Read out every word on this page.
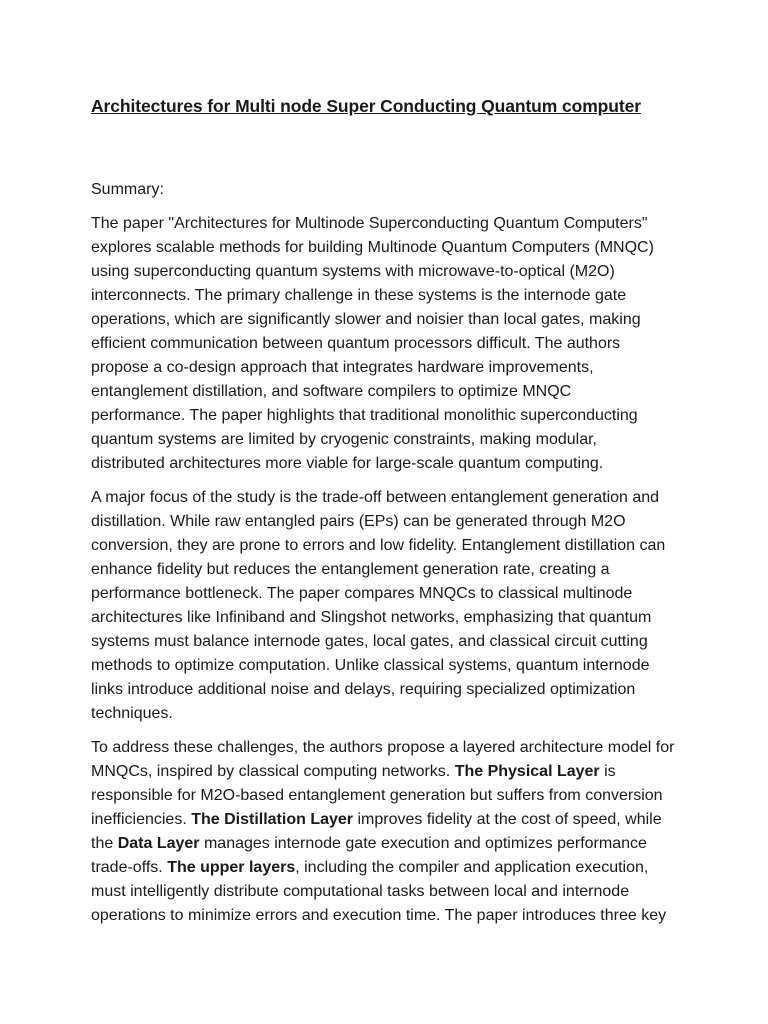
Architectures for Multi node Super Conducting Quantum computer

Summary:

The paper "Architectures for Multinode Superconducting Quantum Computers"
explores scalable methods for building Multinode Quantum Computers (MNQC)
using superconducting quantum systems with microwave-to-optical (M2O)
interconnects. The primary challenge in these systems is the internode gate
operations, which are significantly slower and noisier than local gates, making
efficient communication between quantum processors difficult. The authors
propose a co-design approach that integrates hardware improvements,
entanglement distillation, and software compilers to optimize MNQC
performance. The paper highlights that traditional monolithic superconducting
quantum systems are limited by cryogenic constraints, making modular,
distributed architectures more viable for large-scale quantum computing.

A major focus of the study is the trade-off between entanglement generation and
distillation. While raw entangled pairs (EPs) can be generated through M2O
conversion, they are prone to errors and low fidelity. Entanglement distillation can
enhance fidelity but reduces the entanglement generation rate, creating a
performance bottleneck. The paper compares MNQCs to classical multinode
architectures like Infiniband and Slingshot networks, emphasizing that quantum
systems must balance internode gates, local gates, and classical circuit cutting
methods to optimize computation. Unlike classical systems, quantum internode
links introduce additional noise and delays, requiring specialized optimization
techniques.

To address these challenges, the authors propose a layered architecture model for
MNQCs, inspired by classical computing networks. The Physical Layer is
responsible for M2O-based entanglement generation but suffers from conversion
inefficiencies. The Distillation Layer improves fidelity at the cost of speed, while
the Data Layer manages internode gate execution and optimizes performance
trade-offs. The upper layers, including the compiler and application execution,
must intelligently distribute computational tasks between local and internode
operations to minimize errors and execution time. The paper introduces three key
